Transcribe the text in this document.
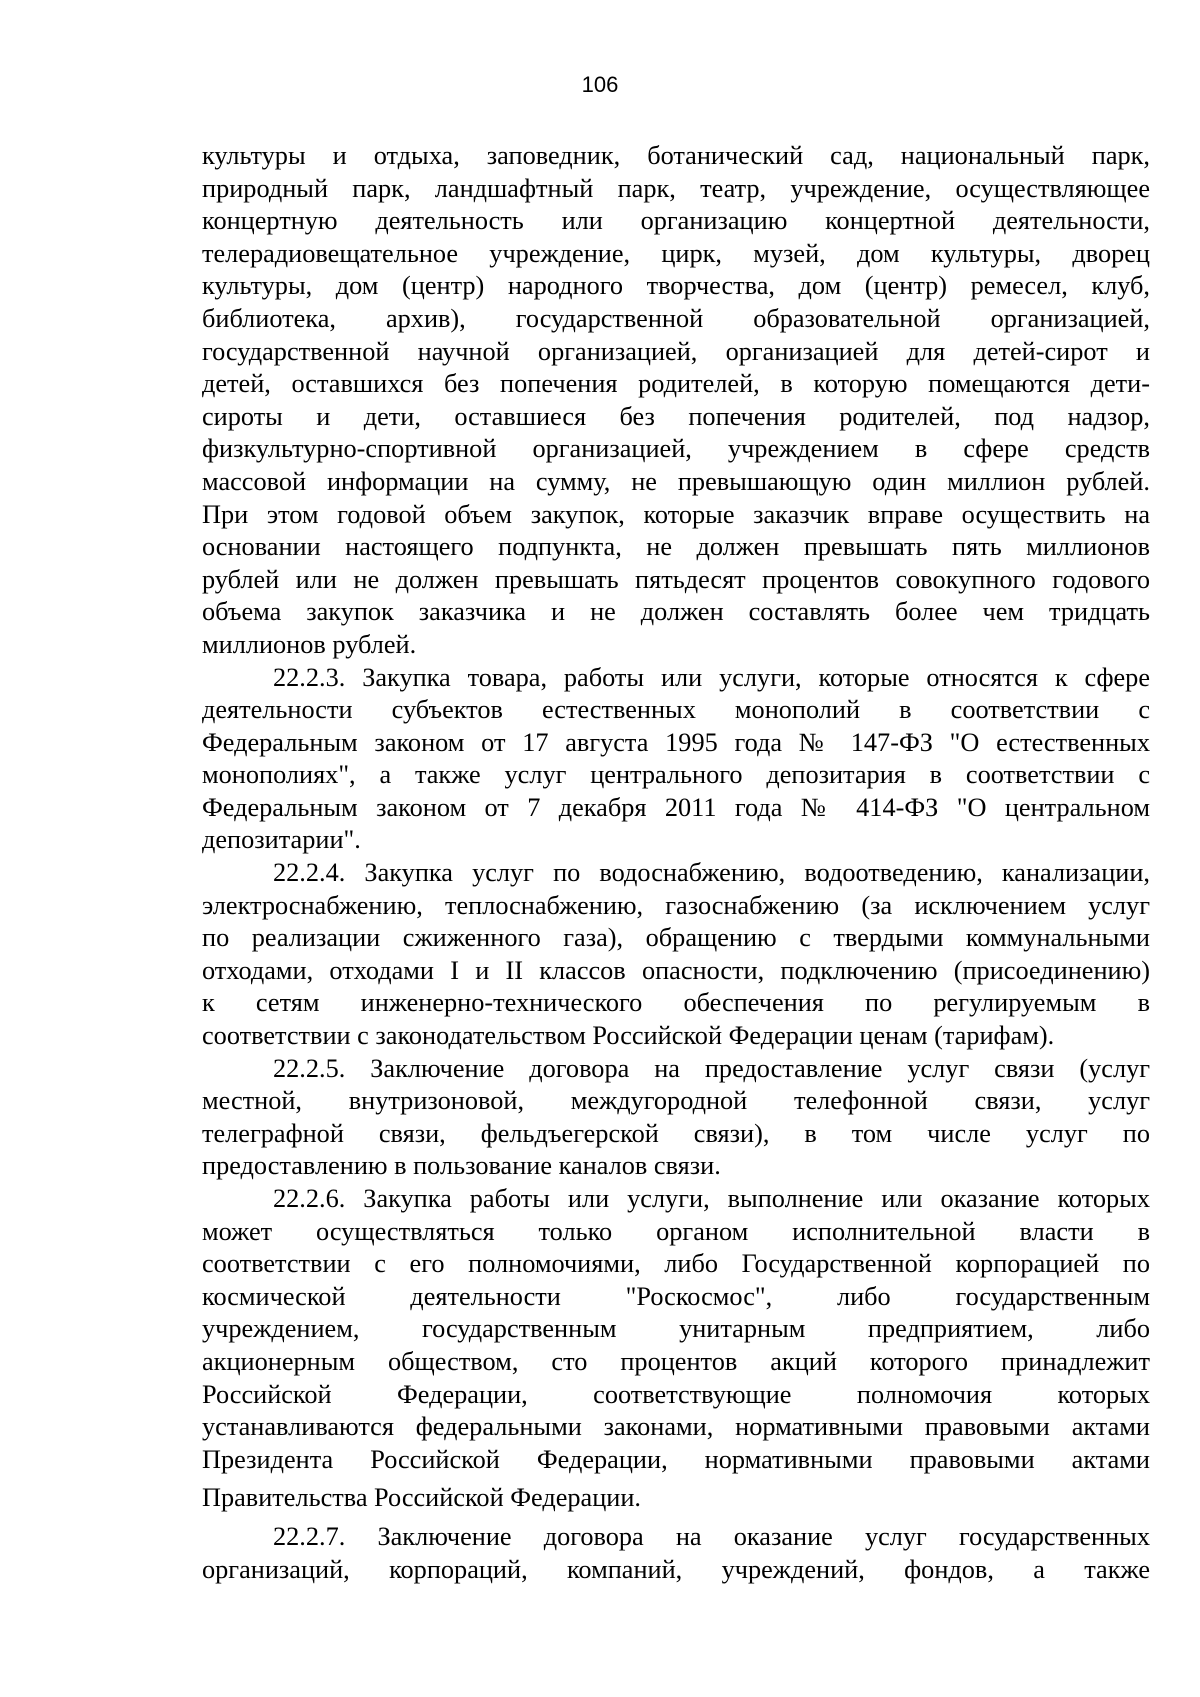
106
культуры и отдыха, заповедник, ботанический сад, национальный парк,
природный парк, ландшафтный парк, театр, учреждение, осуществляющее
концертную деятельность или организацию концертной деятельности,
телерадиовещательное учреждение, цирк, музей, дом культуры, дворец
культуры, дом (центр) народного творчества, дом (центр) ремесел, клуб,
библиотека, архив), государственной образовательной организацией,
государственной научной организацией, организацией для детей-сирот и
детей, оставшихся без попечения родителей, в которую помещаются дети-
сироты и дети, оставшиеся без попечения родителей, под надзор,
физкультурно-спортивной организацией, учреждением в сфере средств
массовой информации на сумму, не превышающую один миллион рублей.
При этом годовой объем закупок, которые заказчик вправе осуществить на
основании настоящего подпункта, не должен превышать пять миллионов
рублей или не должен превышать пятьдесят процентов совокупного годового
объема закупок заказчика и не должен составлять более чем тридцать
миллионов рублей.
22.2.3. Закупка товара, работы или услуги, которые относятся к сфере
деятельности субъектов естественных монополий в соответствии с
Федеральным законом от 17 августа 1995 года № 147-ФЗ "О естественных
монополиях", а также услуг центрального депозитария в соответствии с
Федеральным законом от 7 декабря 2011 года № 414-ФЗ "О центральном
депозитарии".
22.2.4. Закупка услуг по водоснабжению, водоотведению, канализации,
электроснабжению, теплоснабжению, газоснабжению (за исключением услуг
по реализации сжиженного газа), обращению с твердыми коммунальными
отходами, отходами I и II классов опасности, подключению (присоединению)
к сетям инженерно-технического обеспечения по регулируемым в
соответствии с законодательством Российской Федерации ценам (тарифам).
22.2.5. Заключение договора на предоставление услуг связи (услуг
местной, внутризоновой, междугородной телефонной связи, услуг
телеграфной связи, фельдъегерской связи), в том числе услуг по
предоставлению в пользование каналов связи.
22.2.6. Закупка работы или услуги, выполнение или оказание которых
может осуществляться только органом исполнительной власти в
соответствии с его полномочиями, либо Государственной корпорацией по
космической деятельности "Роскосмос", либо государственным
учреждением, государственным унитарным предприятием, либо
акционерным обществом, сто процентов акций которого принадлежит
Российской Федерации, соответствующие полномочия которых
устанавливаются федеральными законами, нормативными правовыми актами
Президента Российской Федерации, нормативными правовыми актами
Правительства Российской Федерации.
22.2.7. Заключение договора на оказание услуг государственных
организаций, корпораций, компаний, учреждений, фондов, а также
